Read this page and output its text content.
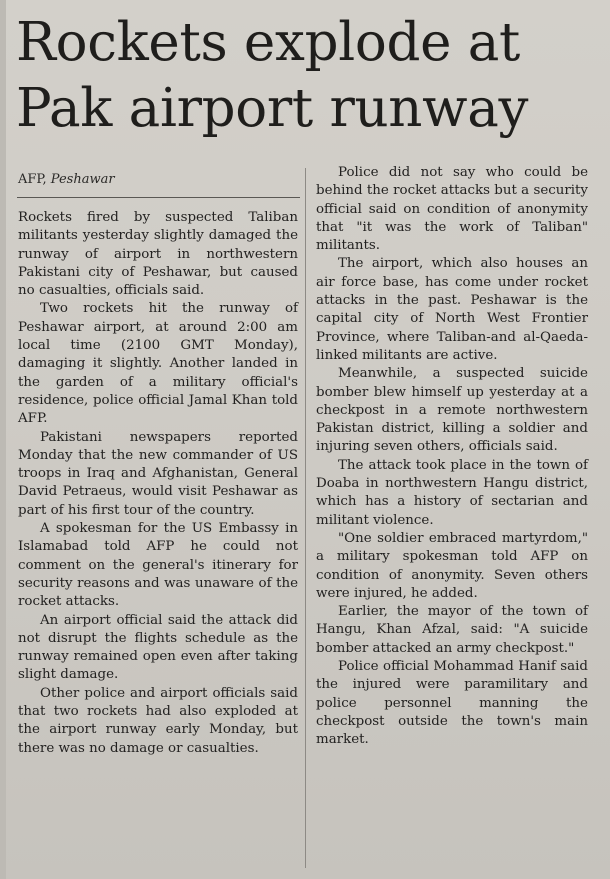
Rockets explode at
Pak airport runway
AFP, Peshawar

Rockets fired by suspected Taliban militants yesterday slightly damaged the runway of airport in northwestern Pakistani city of Peshawar, but caused no casualties, officials said.

Two rockets hit the runway of Peshawar airport, at around 2:00 am local time (2100 GMT Monday), damaging it slightly. Another landed in the garden of a military official's residence, police official Jamal Khan told AFP.

Pakistani newspapers reported Monday that the new commander of US troops in Iraq and Afghanistan, General David Petraeus, would visit Peshawar as part of his first tour of the country.

A spokesman for the US Embassy in Islamabad told AFP he could not comment on the general's itinerary for security reasons and was unaware of the rocket attacks.

An airport official said the attack did not disrupt the flights schedule as the runway remained open even after taking slight damage.

Other police and airport officials said that two rockets had also exploded at the airport runway early Monday, but there was no damage or casualties.

Police did not say who could be behind the rocket attacks but a security official said on condition of anonymity that "it was the work of Taliban" militants.

The airport, which also houses an air force base, has come under rocket attacks in the past. Peshawar is the capital city of North West Frontier Province, where Taliban-and al-Qaeda-linked militants are active.

Meanwhile, a suspected suicide bomber blew himself up yesterday at a checkpost in a remote northwestern Pakistan district, killing a soldier and injuring seven others, officials said.

The attack took place in the town of Doaba in northwestern Hangu district, which has a history of sectarian and militant violence.

"One soldier embraced martyrdom," a military spokesman told AFP on condition of anonymity. Seven others were injured, he added.

Earlier, the mayor of the town of Hangu, Khan Afzal, said: "A suicide bomber attacked an army checkpost."

Police official Mohammad Hanif said the injured were paramilitary and police personnel manning the checkpost outside the town's main market.
